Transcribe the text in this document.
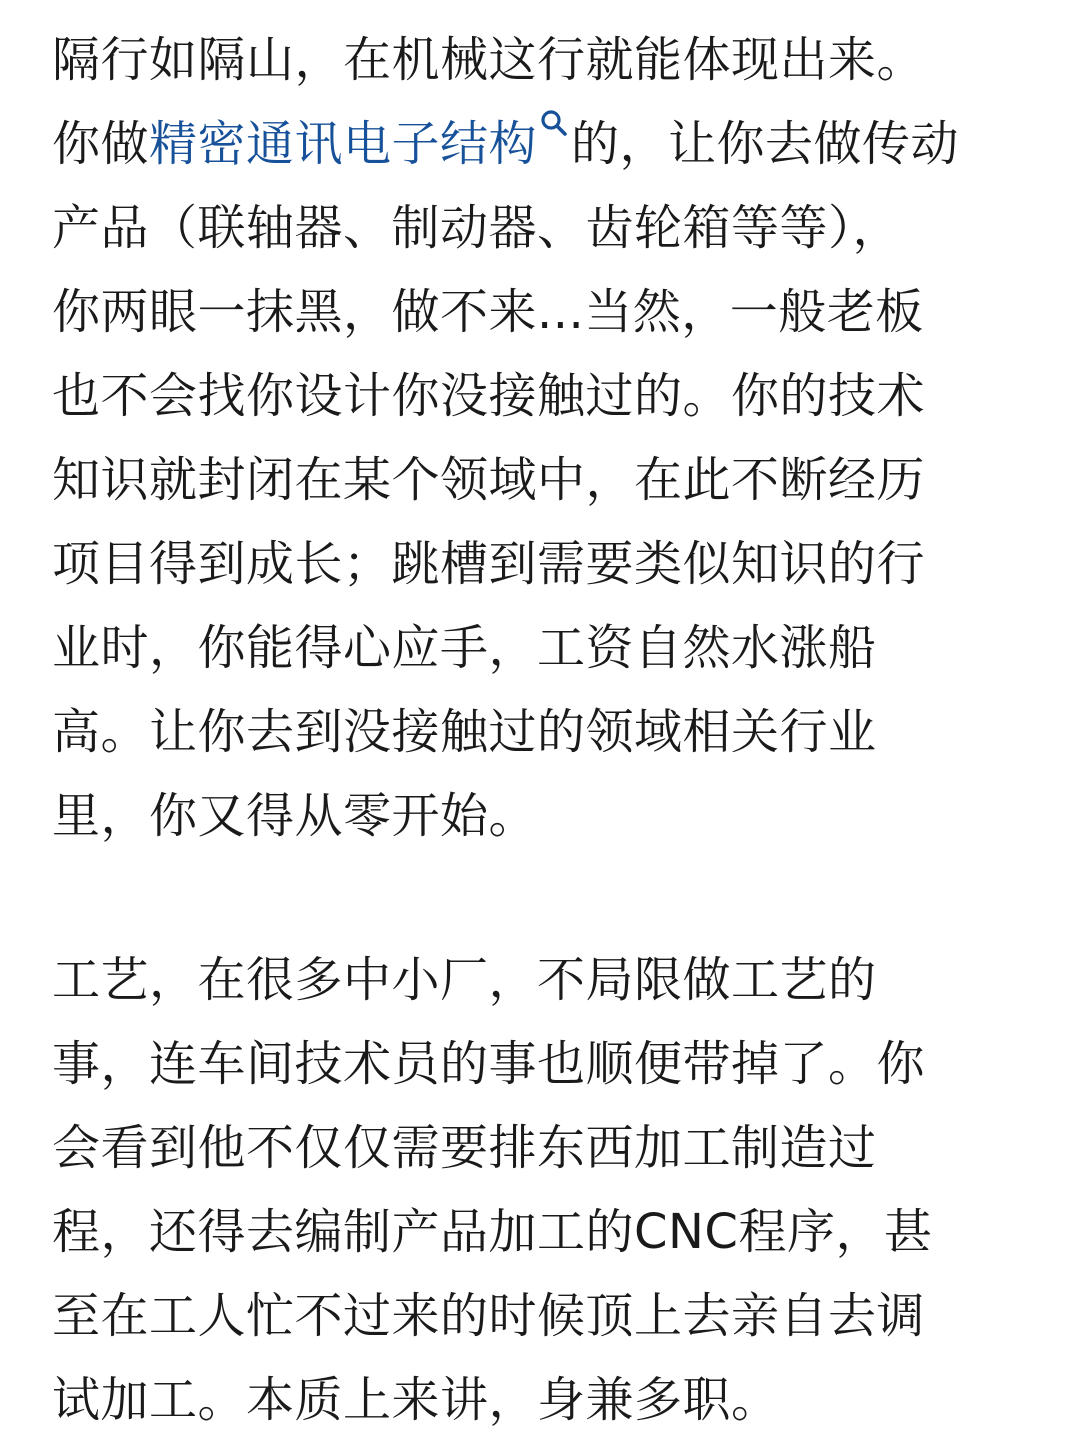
隔行如隔山，在机械这行就能体现出来。
你做精密通讯电子结构 的，让你去做传动
产品（联轴器、制动器、齿轮箱等等），
你两眼一抹黑，做不来...当然，一般老板
也不会找你设计你没接触过的。你的技术
知识就封闭在某个领域中，在此不断经历
项目得到成长；跳槽到需要类似知识的行
业时，你能得心应手，工资自然水涨船
高。让你去到没接触过的领域相关行业
里，你又得从零开始。
工艺，在很多中小厂，不局限做工艺的
事，连车间技术员的事也顺便带掉了。你
会看到他不仅仅需要排东西加工制造过
程，还得去编制产品加工的CNC程序，甚
至在工人忙不过来的时候顶上去亲自去调
试加工。本质上来讲，身兼多职。
